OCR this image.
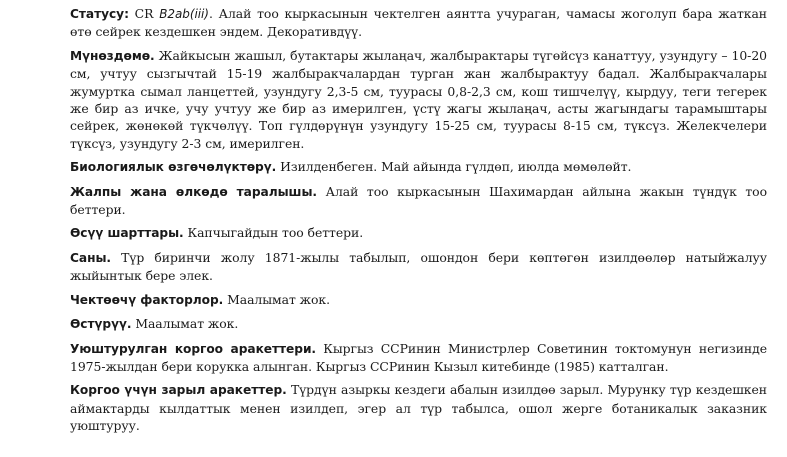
Статусу: CR B2ab(iii). Алай тоо кыркасынын чектелген аянтта учураган, чамасы жоголуп бара жаткан өтө сейрек кездешкен эндем. Декоративдүү.

Мүнөздөмө. Жайкысын жашыл, бутактары жылаңач, жалбырактары түгөйсүз канаттуу, узундугу – 10-20 см, учтуу сызгычтай 15-19 жалбыракчалардан турган жан жалбырактуу бадал. Жалбыракчалары жумуртка сымал ланцеттей, узундугу 2,3-5 см, туурасы 0,8-2,3 см, кош тишчелүү, кырдуу, теги тегерек же бир аз ичке, учу учтуу же бир аз имерилген, үстү жагы жылаңач, асты жагындагы тарамыштары сейрек, жөнөкөй түкчөлүү. Топ гүлдөрүнүн узундугу 15-25 см, туурасы 8-15 см, түксүз. Желекчелери түксүз, узундугу 2-3 см, имерилген.

Биологиялык өзгөчөлүктөрү. Изилденбеген. Май айында гүлдөп, июлда мөмөлөйт.

Жалпы жана өлкөдө таралышы. Алай тоо кыркасынын Шахимардан айлына жакын түндүк тоо беттери.

Өсүү шарттары. Капчыгайдын тоо беттери.

Саны. Түр биринчи жолу 1871-жылы табылып, ошондон бери көптөгөн изилдөөлөр натыйжалуу жыйынтык бере элек.

Чектөөчү факторлор. Маалымат жок.

Өстүрүү. Маалымат жок.

Уюштурулган коргоо аракеттери. Кыргыз ССРинин Министрлер Советинин токтомунун негизинде 1975-жылдан бери корукка алынган. Кыргыз ССРинин Кызыл китебинде (1985) катталган.

Коргоо үчүн зарыл аракеттер. Түрдүн азыркы кездеги абалын изилдөө зарыл. Мурунку түр кездешкен аймактарды кылдаттык менен изилдеп, эгер ал түр табылса, ошол жерге ботаникалык заказник уюштуруу.
